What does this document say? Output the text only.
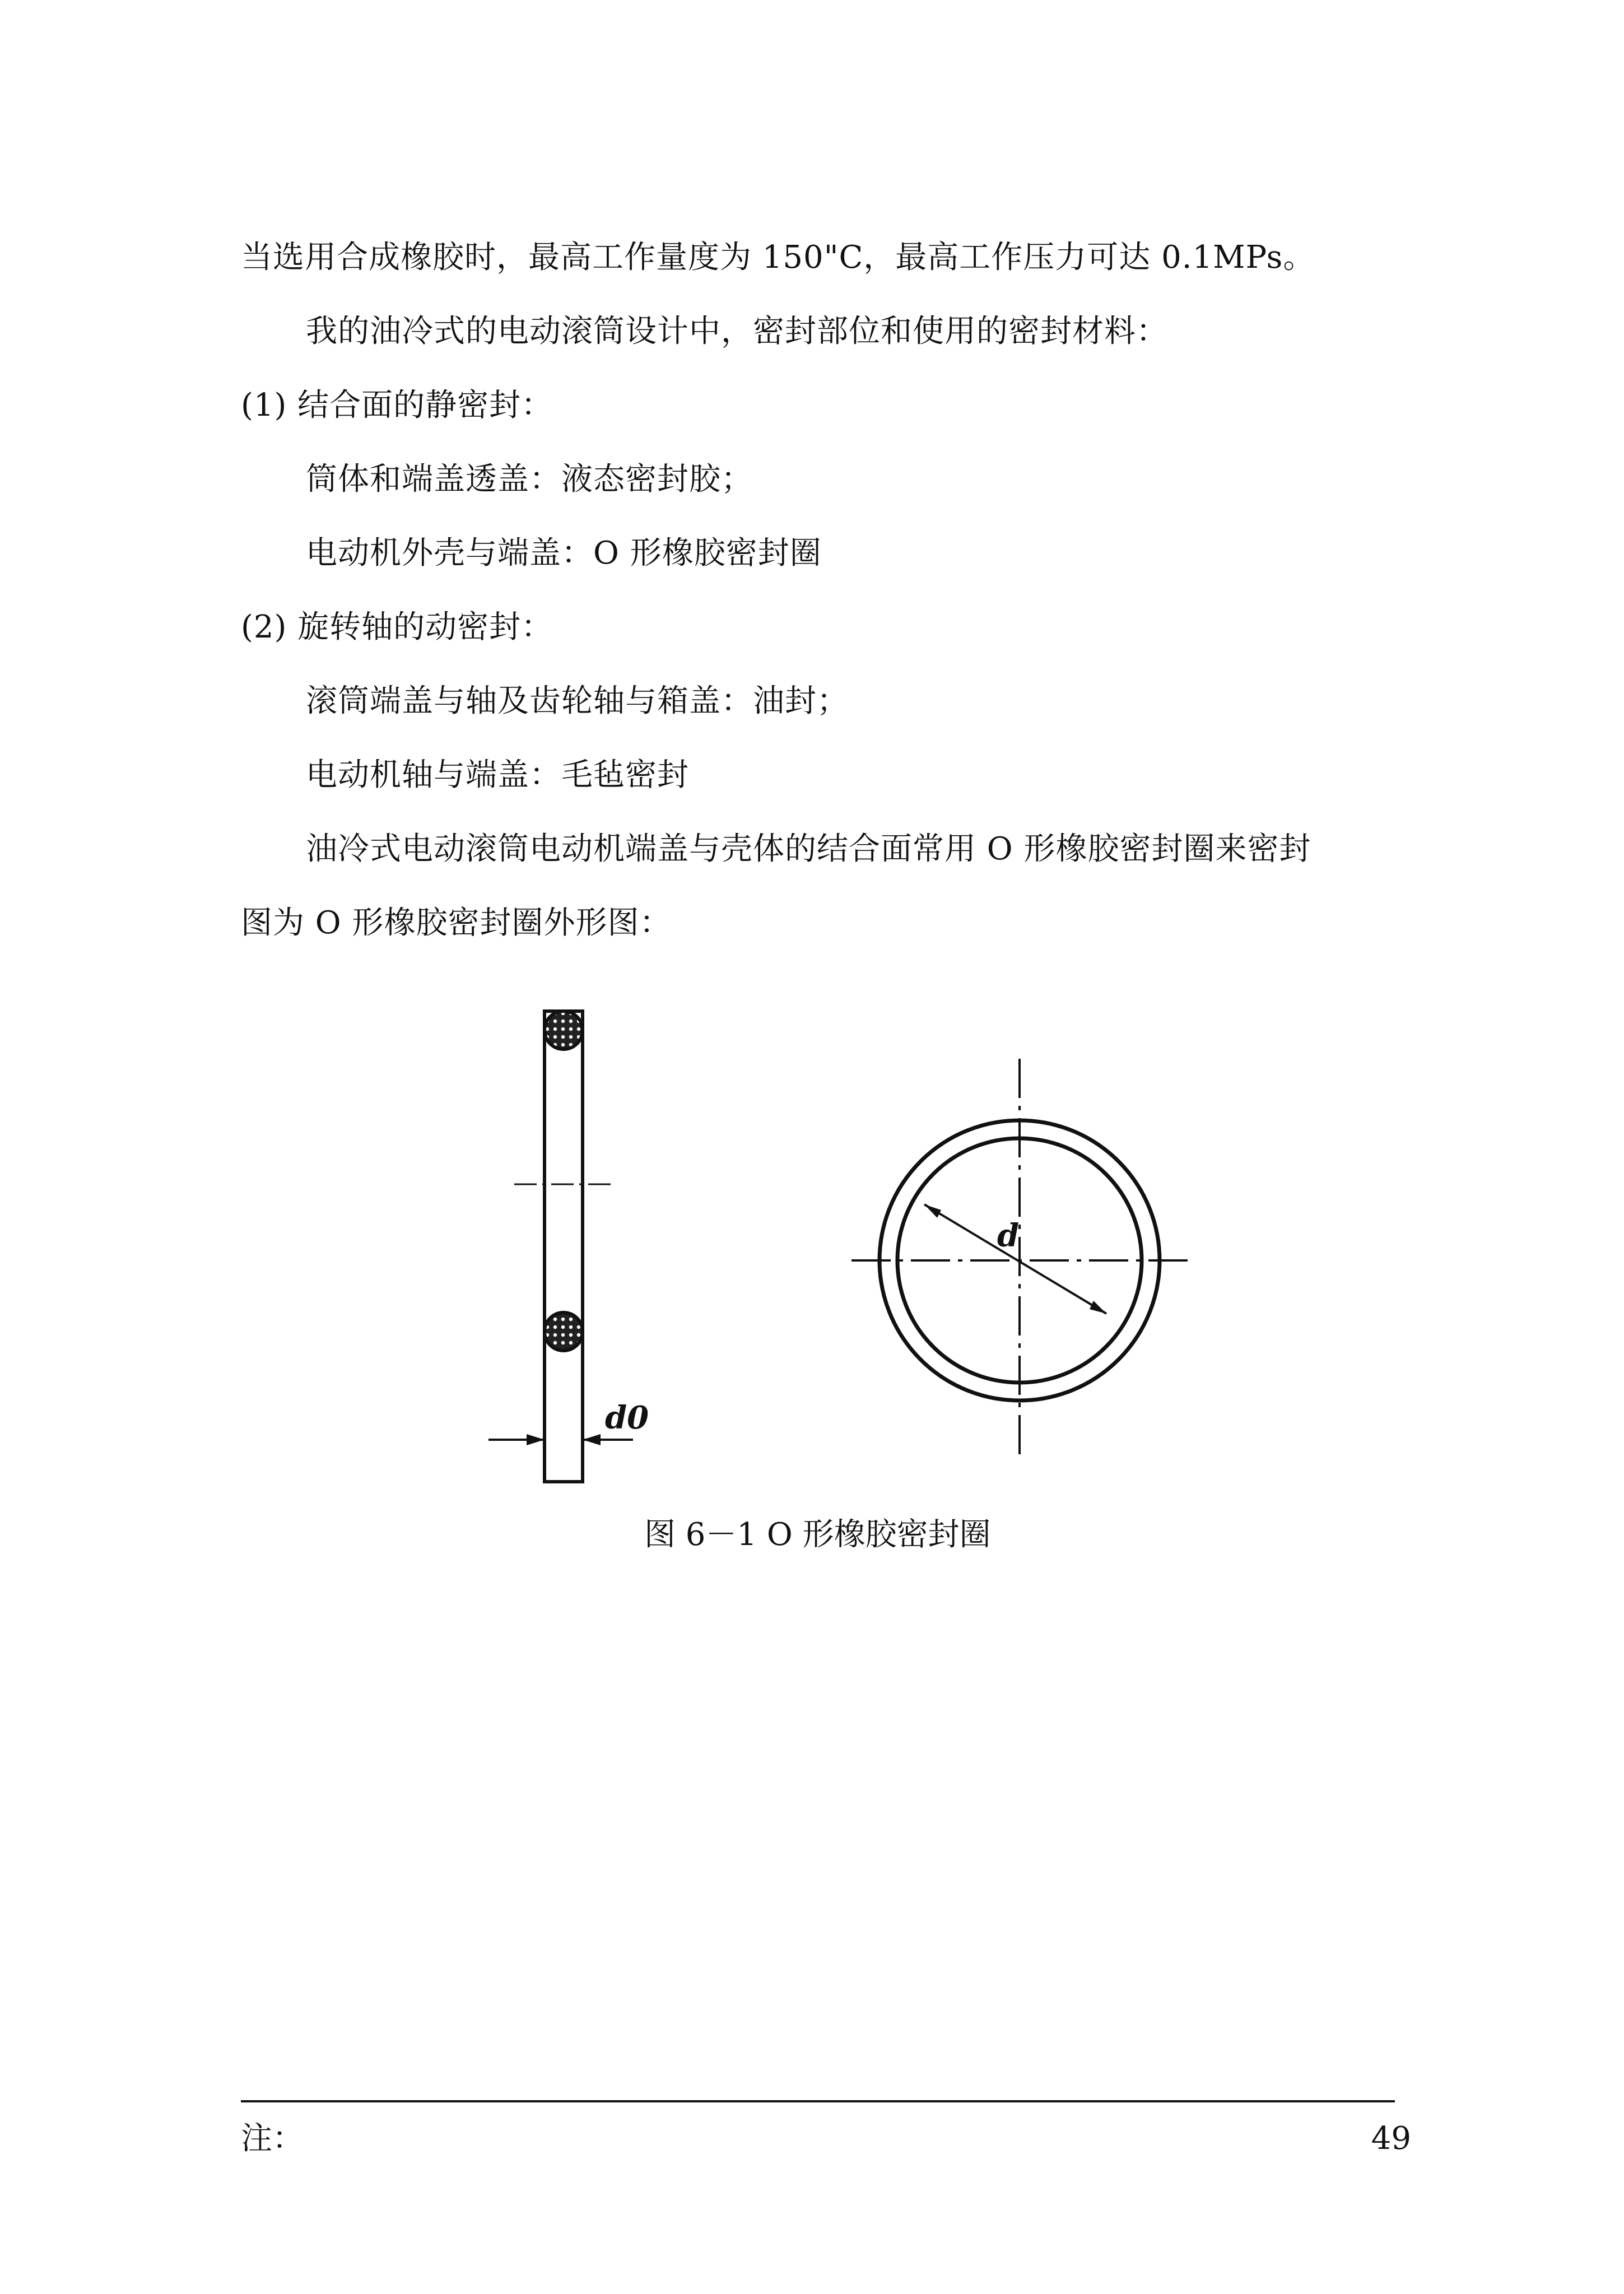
当选用合成橡胶时，最高工作量度为 150"C，最高工作压力可达 0.1MPs。
我的油冷式的电动滚筒设计中，密封部位和使用的密封材料：
(1) 结合面的静密封：
筒体和端盖透盖：液态密封胶；
电动机外壳与端盖：O 形橡胶密封圈
(2) 旋转轴的动密封：
滚筒端盖与轴及齿轮轴与箱盖：油封；
电动机轴与端盖：毛毡密封
油冷式电动滚筒电动机端盖与壳体的结合面常用 O 形橡胶密封圈来密封
图为 O 形橡胶密封圈外形图：
d0
d
图 6－1 O 形橡胶密封圈
注：	49
